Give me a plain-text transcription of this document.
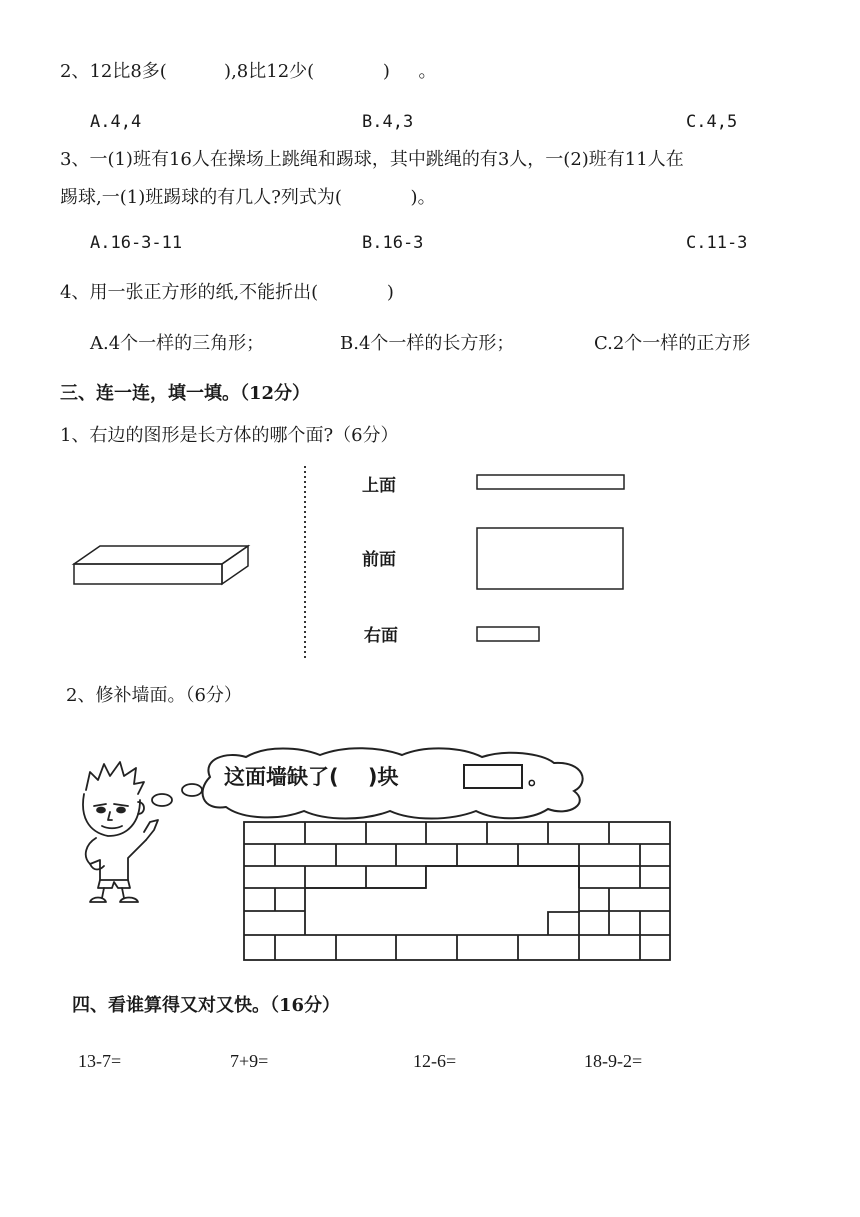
2、12比8多(          ),8比12少(            )     。
A.4,4	B.4,3	C.4,5
3、一(1)班有16人在操场上跳绳和踢球，其中跳绳的有3人，一(2)班有11人在
踢球,一(1)班踢球的有几人?列式为(            )。
A.16-3-11	B.16-3	C.11-3
4、用一张正方形的纸,不能折出(            )
A.4个一样的三角形；	B.4个一样的长方形；	C.2个一样的正方形
三、连一连，填一填。（12分）
1、右边的图形是长方体的哪个面?（6分）
上面
前面
右面
2、修补墙面。（6分）
这面墙缺了(    )块	。
四、看谁算得又对又快。（16分）
13-7=	7+9=	12-6=	18-9-2=
